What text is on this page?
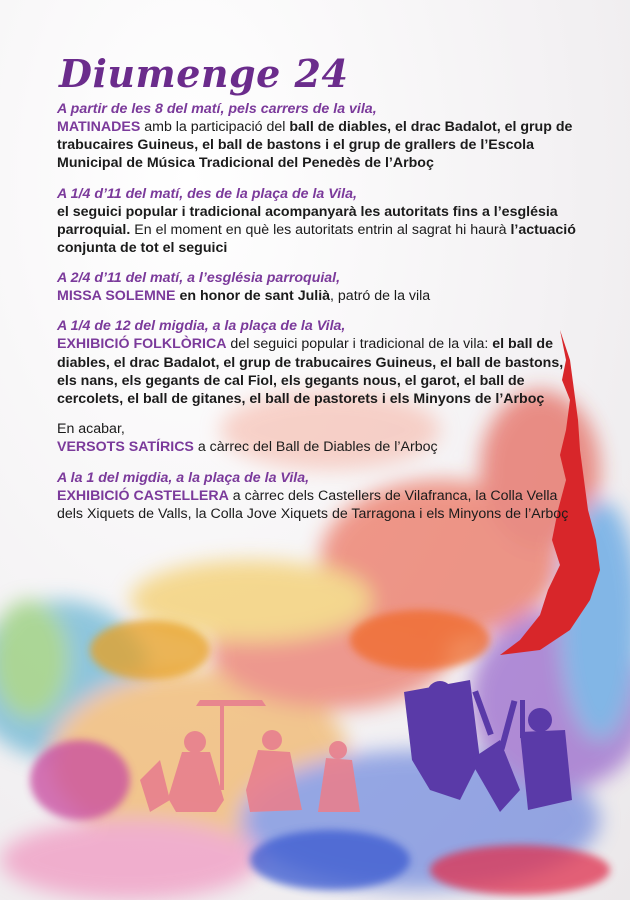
Diumenge 24
A partir de les 8 del matí, pels carrers de la vila,
MATINADES amb la participació del ball de diables, el drac Badalot, el grup de trabucaires Guineus, el ball de bastons i el grup de grallers de l’Escola Municipal de Música Tradicional del Penedès de l’Arboç
A 1/4 d’11 del matí, des de la plaça de la Vila,
el seguici popular i tradicional acompanyarà les autoritats fins a l’església parroquial. En el moment en què les autoritats entrin al sagrat hi haurà l’actuació conjunta de tot el seguici
A 2/4 d’11 del matí, a l’església parroquial,
MISSA SOLEMNE en honor de sant Julià, patró de la vila
A 1/4 de 12 del migdia, a la plaça de la Vila,
EXHIBICIÓ FOLKLÒRICA del seguici popular i tradicional de la vila: el ball de diables, el drac Badalot, el grup de trabucaires Guineus, el ball de bastons, els nans, els gegants de cal Fiol, els gegants nous, el garot, el ball de cercolets, el ball de gitanes, el ball de pastorets i els Minyons de l’Arboç
En acabar,
VERSOTS SATÍRICS a càrrec del Ball de Diables de l’Arboç
A la 1 del migdia, a la plaça de la Vila,
EXHIBICIÓ CASTELLERA a càrrec dels Castellers de Vilafranca, la Colla Vella dels Xiquets de Valls, la Colla Jove Xiquets de Tarragona i els Minyons de l’Arboç
